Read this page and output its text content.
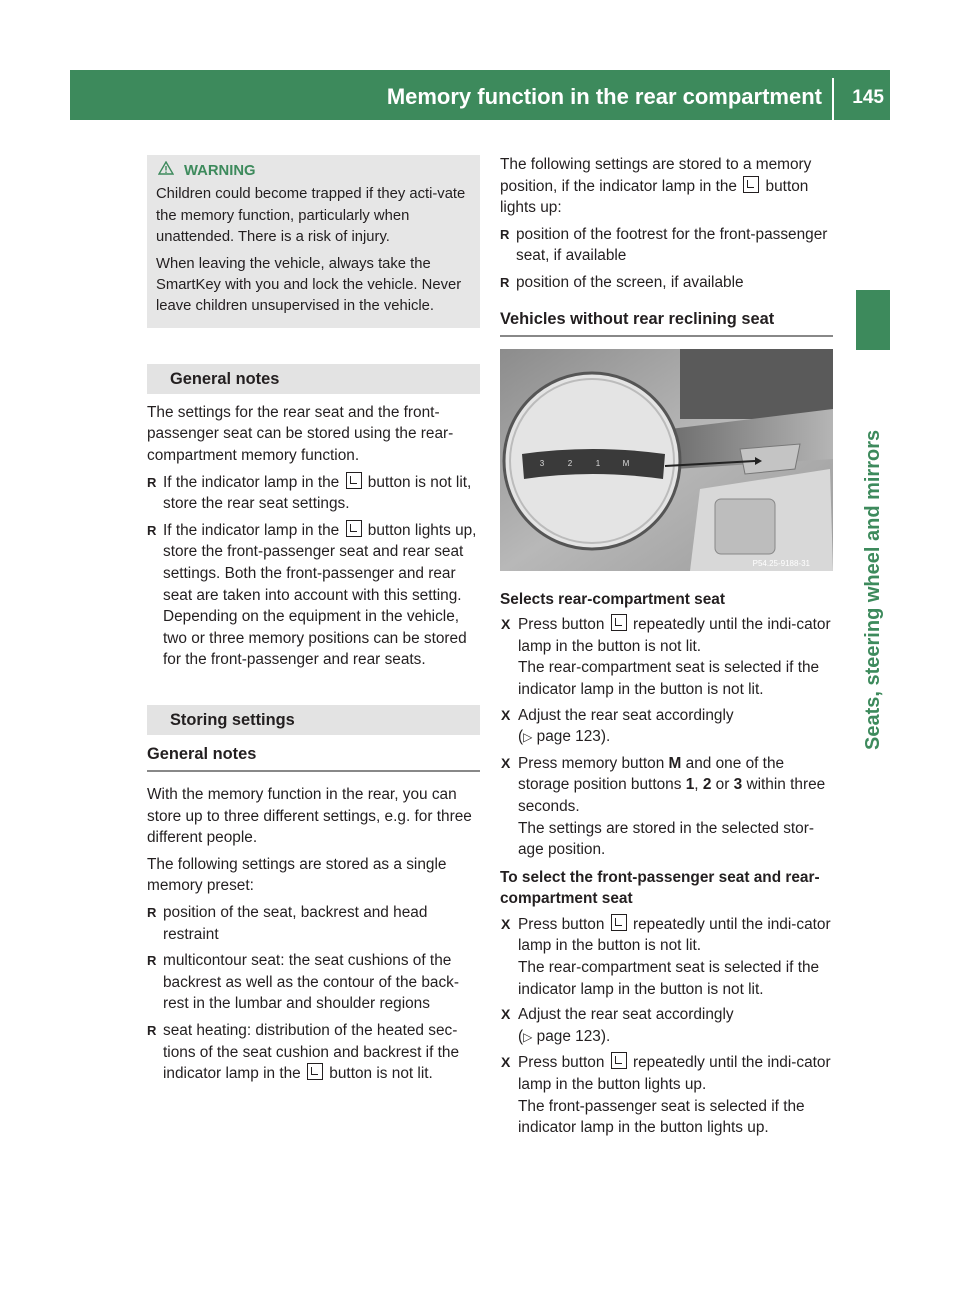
Memory function in the rear compartment 145
Seats, steering wheel and mirrors
WARNING

Children could become trapped if they acti-vate the memory function, particularly when unattended. There is a risk of injury.

When leaving the vehicle, always take the SmartKey with you and lock the vehicle. Never leave children unsupervised in the vehicle.

General notes

The settings for the rear seat and the front-passenger seat can be stored using the rear-compartment memory function.

R If the indicator lamp in the button is not lit, store the rear seat settings.
R If the indicator lamp in the button lights up, store the front-passenger seat and rear seat settings. Both the front-passenger and rear seat are taken into account with this setting. Depending on the equipment in the vehicle, two or three memory positions can be stored for the front-passenger and rear seats.
Storing settings
General notes

With the memory function in the rear, you can store up to three different settings, e.g. for three different people.

The following settings are stored as a single memory preset:

R position of the seat, backrest and head restraint
R multicontour seat: the seat cushions of the backrest as well as the contour of the back-rest in the lumbar and shoulder regions
R seat heating: distribution of the heated sec-tions of the seat cushion and backrest if the indicator lamp in the button is not lit.

The following settings are stored to a memory position, if the indicator lamp in the button lights up:

R position of the footrest for the front-passenger seat, if available
R position of the screen, if available
Vehicles without rear reclining seat
P54.25-9188-31
3	2	1	M
Selects rear-compartment seat
X Press button repeatedly until the indi-cator lamp in the button is not lit.
The rear-compartment seat is selected if the indicator lamp in the button is not lit.
X Adjust the rear seat accordingly
(▷ page 123).
X Press memory button M and one of the storage position buttons 1, 2 or 3 within three seconds.
The settings are stored in the selected stor-age position.
To select the front-passenger seat and rear-compartment seat
X Press button repeatedly until the indi-cator lamp in the button is not lit.
The rear-compartment seat is selected if the indicator lamp in the button is not lit.
X Adjust the rear seat accordingly
(▷ page 123).
X Press button repeatedly until the indi-cator lamp in the button lights up.
The front-passenger seat is selected if the indicator lamp in the button lights up.
